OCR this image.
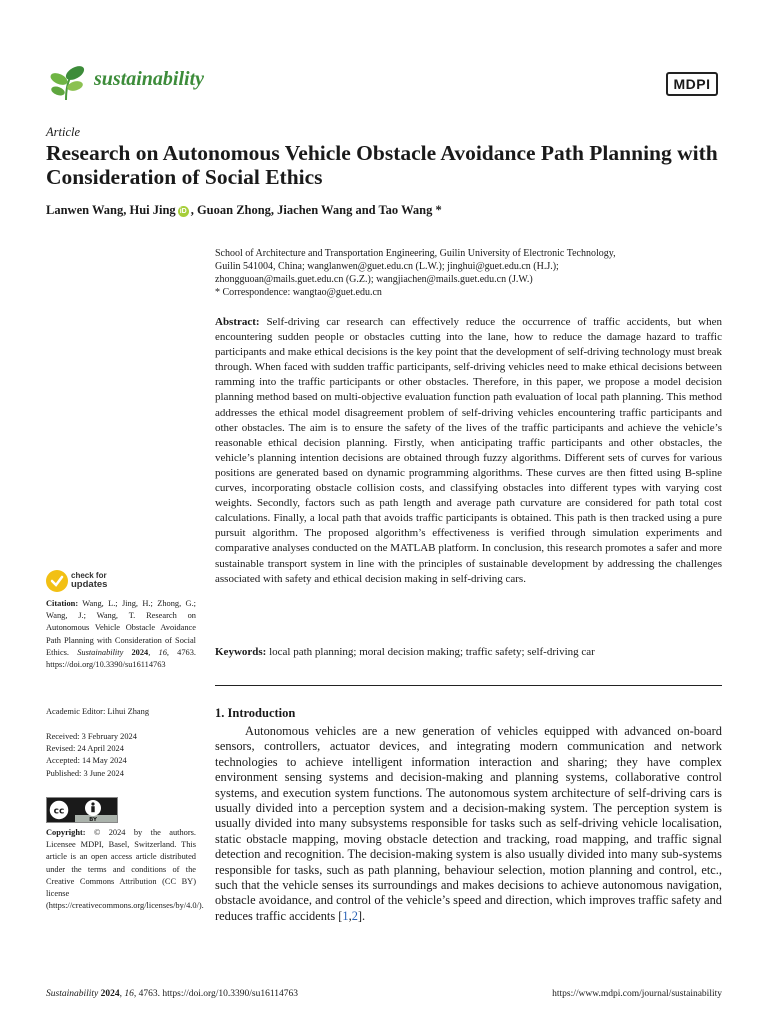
sustainability	MDPI
Article
Research on Autonomous Vehicle Obstacle Avoidance Path Planning with Consideration of Social Ethics
Lanwen Wang, Hui Jing iD , Guoan Zhong, Jiachen Wang and Tao Wang *
School of Architecture and Transportation Engineering, Guilin University of Electronic Technology,
Guilin 541004, China; wanglanwen@guet.edu.cn (L.W.); jinghui@guet.edu.cn (H.J.);
zhongguoan@mails.guet.edu.cn (G.Z.); wangjiachen@mails.guet.edu.cn (J.W.)
* Correspondence: wangtao@guet.edu.cn
Abstract: Self-driving car research can effectively reduce the occurrence of traffic accidents, but when encountering sudden people or obstacles cutting into the lane, how to reduce the damage hazard to traffic participants and make ethical decisions is the key point that the development of self-driving technology must break through. When faced with sudden traffic participants, self-driving vehicles need to make ethical decisions between ramming into the traffic participants or other obstacles. Therefore, in this paper, we propose a model decision planning method based on multi-objective evaluation function path evaluation of local path planning. This method addresses the ethical model disagreement problem of self-driving vehicles encountering traffic participants and other obstacles. The aim is to ensure the safety of the lives of the traffic participants and achieve the vehicle’s reasonable ethical decision planning. Firstly, when anticipating traffic participants and other obstacles, the vehicle’s planning intention decisions are obtained through fuzzy algorithms. Different sets of curves for various positions are generated based on dynamic programming algorithms. These curves are then fitted using B-spline curves, incorporating obstacle collision costs, and classifying obstacles into different types with varying cost weights. Secondly, factors such as path length and average path curvature are considered for path total cost calculations. Finally, a local path that avoids traffic participants is obtained. This path is then tracked using a pure pursuit algorithm. The proposed algorithm’s effectiveness is verified through simulation experiments and comparative analyses conducted on the MATLAB platform. In conclusion, this research promotes a safer and more sustainable transport system in line with the principles of sustainable development by addressing the challenges associated with safety and ethical decision making in self-driving cars.
Keywords: local path planning; moral decision making; traffic safety; self-driving car
1. Introduction

Autonomous vehicles are a new generation of vehicles equipped with advanced on-board sensors, controllers, actuator devices, and integrating modern communication and network technologies to achieve intelligent information interaction and sharing; they have complex environment sensing systems and decision-making and planning systems, collaborative control systems, and execution system functions. The autonomous system architecture of self-driving cars is usually divided into a perception system and a decision-making system. The perception system is usually divided into many subsystems responsible for tasks such as self-driving vehicle localisation, static obstacle mapping, moving obstacle detection and tracking, road mapping, and traffic signal detection and recognition. The decision-making system is also usually divided into many sub-systems responsible for tasks, such as path planning, behaviour selection, motion planning and control, etc., such that the vehicle senses its surroundings and makes decisions to achieve autonomous navigation, obstacle avoidance, and control of the vehicle’s speed and direction, which improves traffic safety and reduces traffic accidents [1,2].

check for
updates
Citation: Wang, L.; Jing, H.; Zhong, G.; Wang, J.; Wang, T. Research on Autonomous Vehicle Obstacle Avoidance Path Planning with Consideration of Social Ethics. Sustainability 2024, 16, 4763. https://doi.org/10.3390/su16114763
Academic Editor: Lihui Zhang
Received: 3 February 2024
Revised: 24 April 2024
Accepted: 14 May 2024
Published: 3 June 2024
cc
BY
Copyright: © 2024 by the authors. Licensee MDPI, Basel, Switzerland. This article is an open access article distributed under the terms and conditions of the Creative Commons Attribution (CC BY) license (https://creativecommons.org/licenses/by/4.0/).
Sustainability 2024, 16, 4763. https://doi.org/10.3390/su16114763	https://www.mdpi.com/journal/sustainability
